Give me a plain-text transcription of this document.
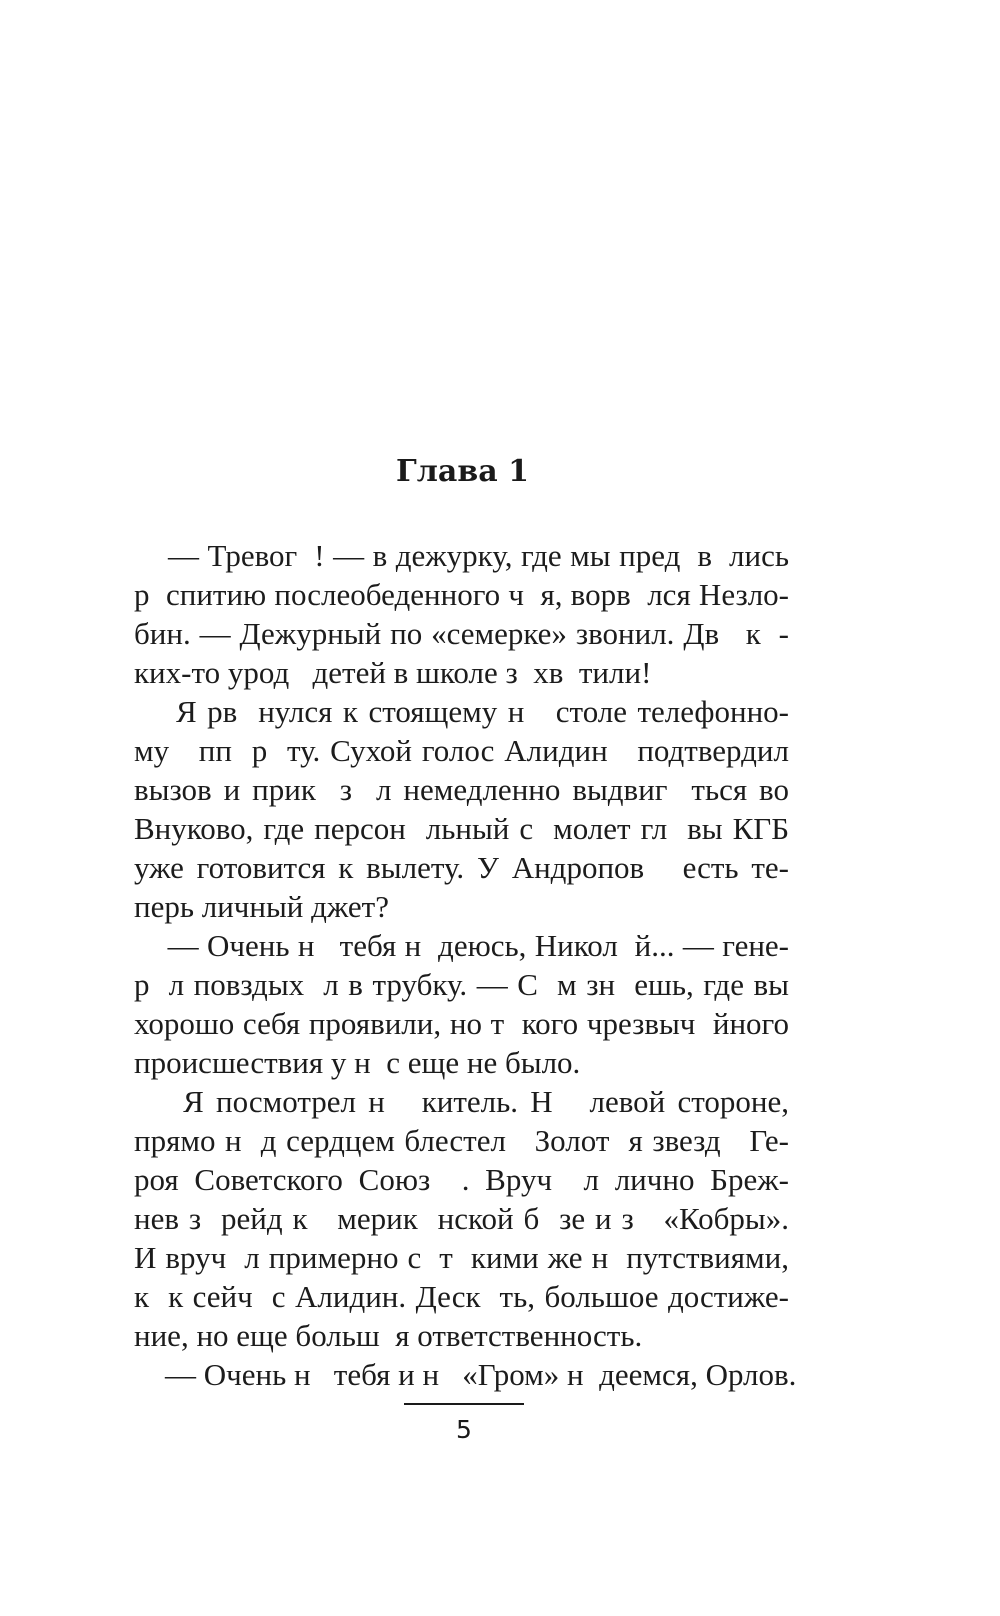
Глава 1
— Тревог  ! — в дежурку, где мы пред  в  лись
р  спитию послеобеденного ч  я, ворв  лся Незло-
бин. — Дежурный по «семерке» звонил. Дв   к  -
ких-то урод   детей в школе з  хв  тили!
Я рв  нулся к стоящему н   столе телефонно-
му   пп  р  ту. Сухой голос Алидин   подтвердил
вызов и прик  з  л немедленно выдвиг  ться во
Внуково, где персон  льный с  молет гл  вы КГБ
уже готовится к вылету. У Андропов   есть те-
перь личный джет?
— Очень н   тебя н  деюсь, Никол  й... — гене-
р  л повздых  л в трубку. — С  м зн  ешь, где вы
хорошо себя проявили, но т  кого чрезвыч  йного
происшествия у н  с еще не было.
Я посмотрел н   китель. Н   левой стороне,
прямо н  д сердцем блестел   Золот  я звезд   Ге-
роя Советского Союз  . Вруч  л лично Бреж-
нев з  рейд к   мерик  нской б  зе и з   «Кобры».
И вруч  л примерно с  т  кими же н  путствиями,
к  к сейч  с Алидин. Деск  ть, большое достиже-
ние, но еще больш  я ответственность.
— Очень н   тебя и н   «Гром» н  деемся, Орлов.
5
